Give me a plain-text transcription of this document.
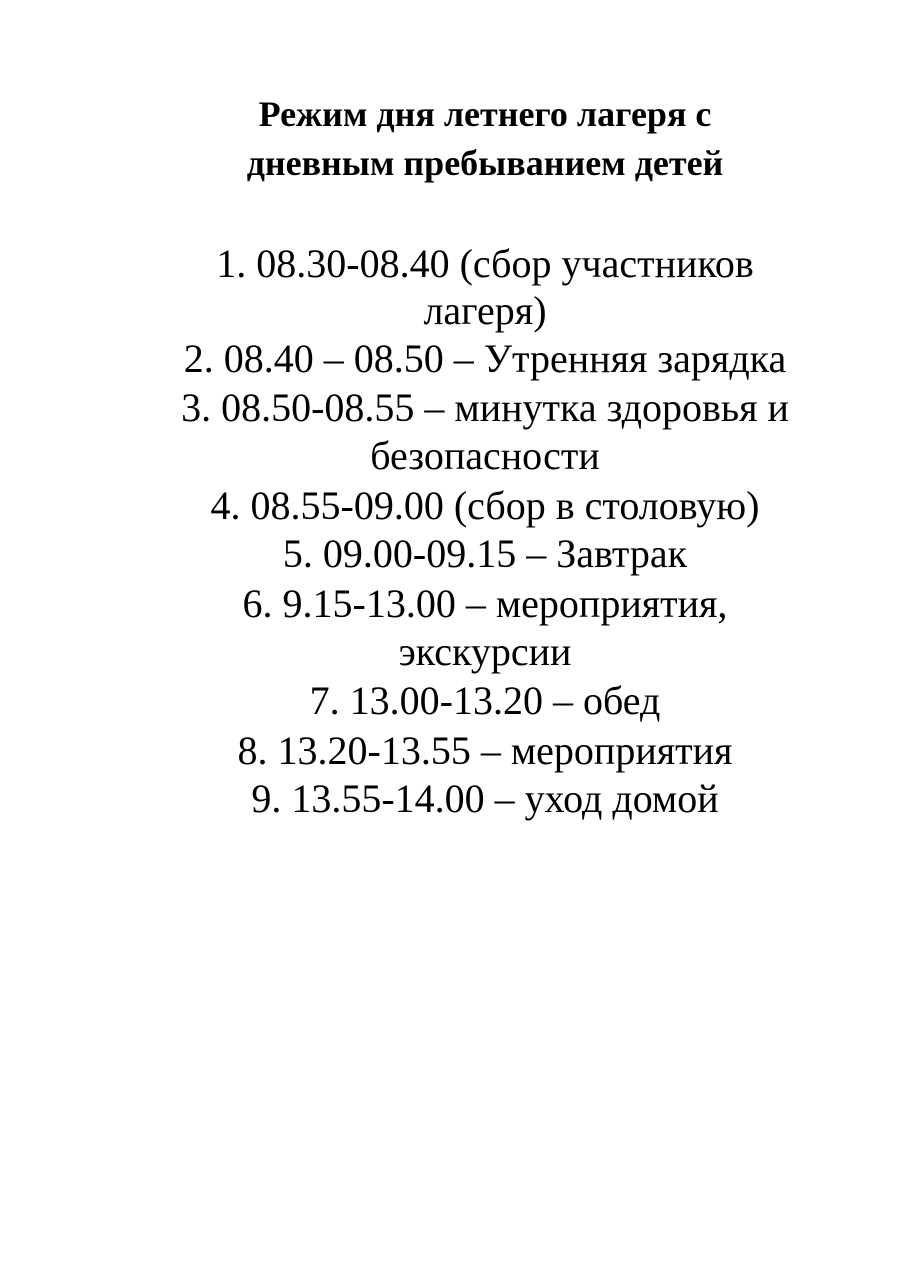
Режим дня летнего лагеря с
дневным пребыванием детей

1. 08.30-08.40 (сбор участников

лагеря)

2. 08.40 – 08.50 – Утренняя зарядка

3. 08.50-08.55 – минутка здоровья и

безопасности

4. 08.55-09.00 (сбор в столовую)

5. 09.00-09.15 – Завтрак

6. 9.15-13.00 – мероприятия,

экскурсии

7. 13.00-13.20 – обед

8. 13.20-13.55 – мероприятия

9. 13.55-14.00 – уход домой
